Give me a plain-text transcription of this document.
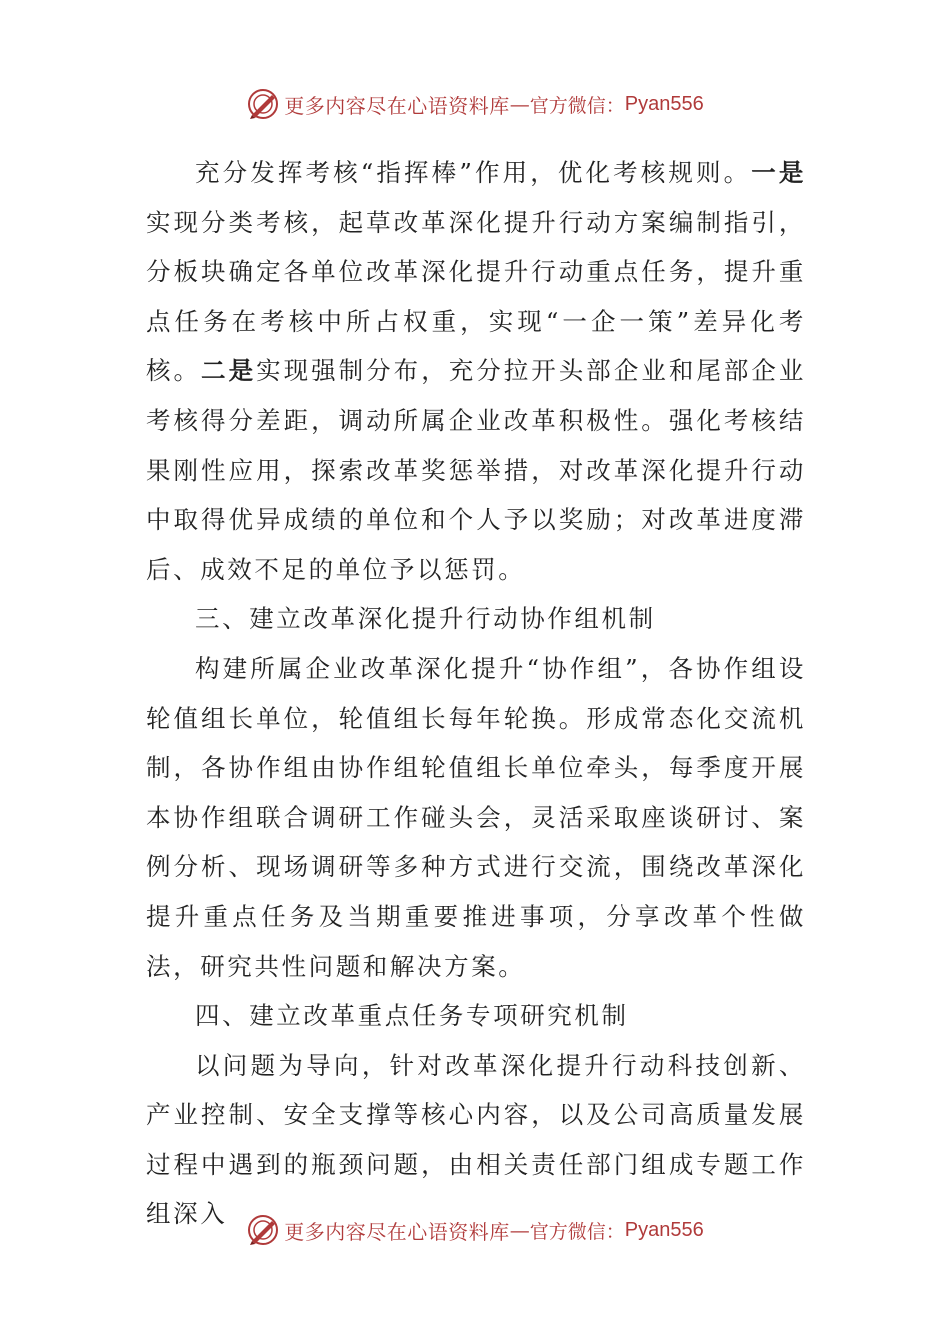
更多内容尽在心语资料库 — 官方微信： Pyan556

充分发挥考核“指挥棒”作用，优化考核规则。一是实现分类考核，起草改革深化提升行动方案编制指引，分板块确定各单位改革深化提升行动重点任务，提升重点任务在考核中所占权重，实现“一企一策”差异化考核。二是实现强制分布，充分拉开头部企业和尾部企业考核得分差距，调动所属企业改革积极性。强化考核结果刚性应用，探索改革奖惩举措，对改革深化提升行动中取得优异成绩的单位和个人予以奖励；对改革进度滞后、成效不足的单位予以惩罚。

三、建立改革深化提升行动协作组机制

构建所属企业改革深化提升“协作组”，各协作组设轮值组长单位，轮值组长每年轮换。形成常态化交流机制，各协作组由协作组轮值组长单位牵头，每季度开展本协作组联合调研工作碰头会，灵活采取座谈研讨、案例分析、现场调研等多种方式进行交流，围绕改革深化提升重点任务及当期重要推进事项，分享改革个性做法，研究共性问题和解决方案。

四、建立改革重点任务专项研究机制

以问题为导向，针对改革深化提升行动科技创新、产业控制、安全支撑等核心内容，以及公司高质量发展过程中遇到的瓶颈问题，由相关责任部门组成专题工作组深入

更多内容尽在心语资料库 — 官方微信： Pyan556
